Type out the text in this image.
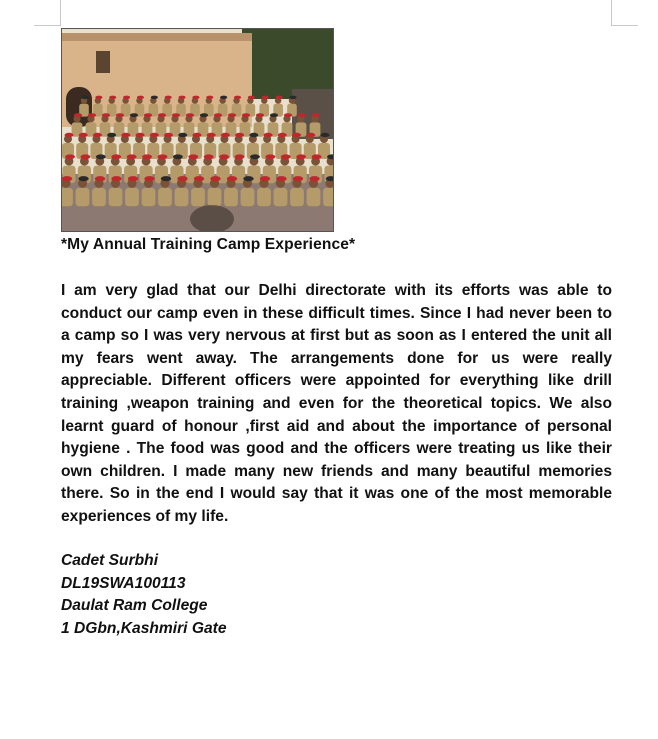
*My Annual Training Camp Experience*

I am very glad that our Delhi directorate with its efforts was able to conduct our camp even in these difficult times. Since I had never been to a camp so I was very nervous at first but as soon as I entered the unit all my fears went away. The arrangements done for us were really appreciable. Different officers were appointed for everything like drill training ,weapon training and even for the theoretical topics. We also learnt guard of honour ,first aid and about the importance of personal hygiene . The food was good and the officers were treating us like their own children. I made many new friends and many beautiful memories there. So in the end I would say that it was one of the most memorable experiences of my life.

Cadet Surbhi
DL19SWA100113
Daulat Ram College
1 DGbn,Kashmiri Gate
